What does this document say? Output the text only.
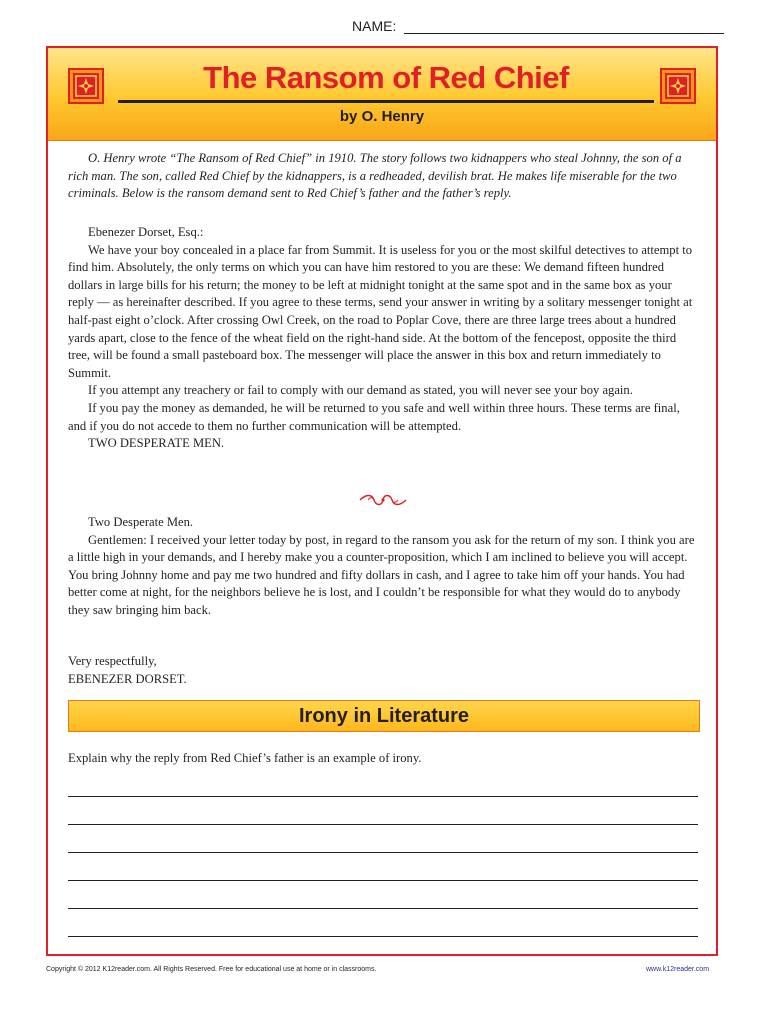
NAME:
The Ransom of Red Chief
by O. Henry

O. Henry wrote “The Ransom of Red Chief” in 1910. The story follows two kidnappers who steal Johnny, the son of a rich man. The son, called Red Chief by the kidnappers, is a redheaded, devilish brat. He makes life miserable for the two criminals. Below is the ransom demand sent to Red Chief’s father and the father’s reply.

Ebenezer Dorset, Esq.:

We have your boy concealed in a place far from Summit. It is useless for you or the most skilful detectives to attempt to find him. Absolutely, the only terms on which you can have him restored to you are these: We demand fifteen hundred dollars in large bills for his return; the money to be left at midnight tonight at the same spot and in the same box as your reply — as hereinafter described. If you agree to these terms, send your answer in writing by a solitary messenger tonight at half-past eight o’clock. After crossing Owl Creek, on the road to Poplar Cove, there are three large trees about a hundred yards apart, close to the fence of the wheat field on the right-hand side. At the bottom of the fencepost, opposite the third tree, will be found a small pasteboard box. The messenger will place the answer in this box and return immediately to Summit.

If you attempt any treachery or fail to comply with our demand as stated, you will never see your boy again.

If you pay the money as demanded, he will be returned to you safe and well within three hours. These terms are final, and if you do not accede to them no further communication will be attempted.

TWO DESPERATE MEN.

Two Desperate Men.

Gentlemen: I received your letter today by post, in regard to the ransom you ask for the return of my son. I think you are a little high in your demands, and I hereby make you a counter-proposition, which I am inclined to believe you will accept. You bring Johnny home and pay me two hundred and fifty dollars in cash, and I agree to take him off your hands. You had better come at night, for the neighbors believe he is lost, and I couldn’t be responsible for what they would do to anybody they saw bringing him back.

Very respectfully,

EBENEZER DORSET.

Irony in Literature
Explain why the reply from Red Chief’s father is an example of irony.
Copyright © 2012 K12reader.com. All Rights Reserved. Free for educational use at home or in classrooms.	www.k12reader.com
